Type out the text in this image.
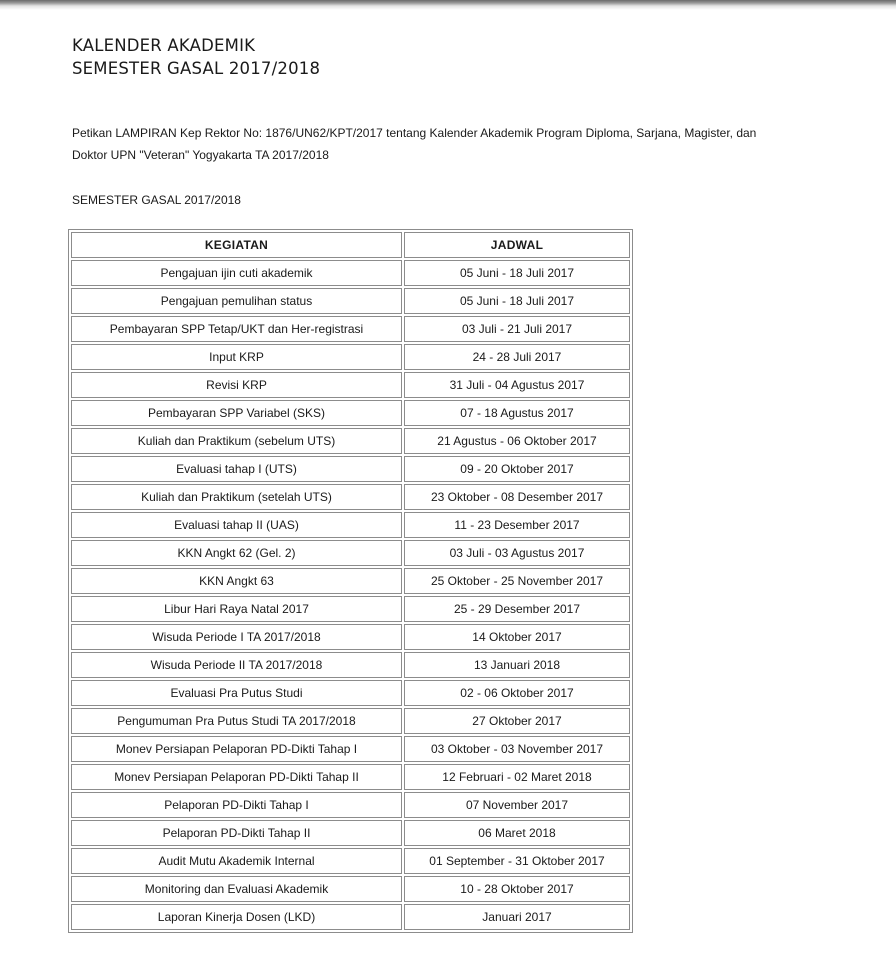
KALENDER AKADEMIK
SEMESTER GASAL 2017/2018
Petikan LAMPIRAN Kep Rektor No: 1876/UN62/KPT/2017 tentang Kalender Akademik Program Diploma, Sarjana, Magister, dan
Doktor UPN "Veteran" Yogyakarta TA 2017/2018
SEMESTER GASAL 2017/2018
KEGIATAN	JADWAL
Pengajuan ijin cuti akademik	05 Juni - 18 Juli 2017
Pengajuan pemulihan status	05 Juni - 18 Juli 2017
Pembayaran SPP Tetap/UKT dan Her-registrasi	03 Juli - 21 Juli 2017
Input KRP	24 - 28 Juli 2017
Revisi KRP	31 Juli - 04 Agustus 2017
Pembayaran SPP Variabel (SKS)	07 - 18 Agustus 2017
Kuliah dan Praktikum (sebelum UTS)	21 Agustus - 06 Oktober 2017
Evaluasi tahap I (UTS)	09 - 20 Oktober 2017
Kuliah dan Praktikum (setelah UTS)	23 Oktober - 08 Desember 2017
Evaluasi tahap II (UAS)	11 - 23 Desember 2017
KKN Angkt 62 (Gel. 2)	03 Juli - 03 Agustus 2017
KKN Angkt 63	25 Oktober - 25 November 2017
Libur Hari Raya Natal 2017	25 - 29 Desember 2017
Wisuda Periode I TA 2017/2018	14 Oktober 2017
Wisuda Periode II TA 2017/2018	13 Januari 2018
Evaluasi Pra Putus Studi	02 - 06 Oktober 2017
Pengumuman Pra Putus Studi TA 2017/2018	27 Oktober 2017
Monev Persiapan Pelaporan PD-Dikti Tahap I	03 Oktober - 03 November 2017
Monev Persiapan Pelaporan PD-Dikti Tahap II	12 Februari - 02 Maret 2018
Pelaporan PD-Dikti Tahap I	07 November 2017
Pelaporan PD-Dikti Tahap II	06 Maret 2018
Audit Mutu Akademik Internal	01 September - 31 Oktober 2017
Monitoring dan Evaluasi Akademik	10 - 28 Oktober 2017
Laporan Kinerja Dosen (LKD)	Januari 2017
